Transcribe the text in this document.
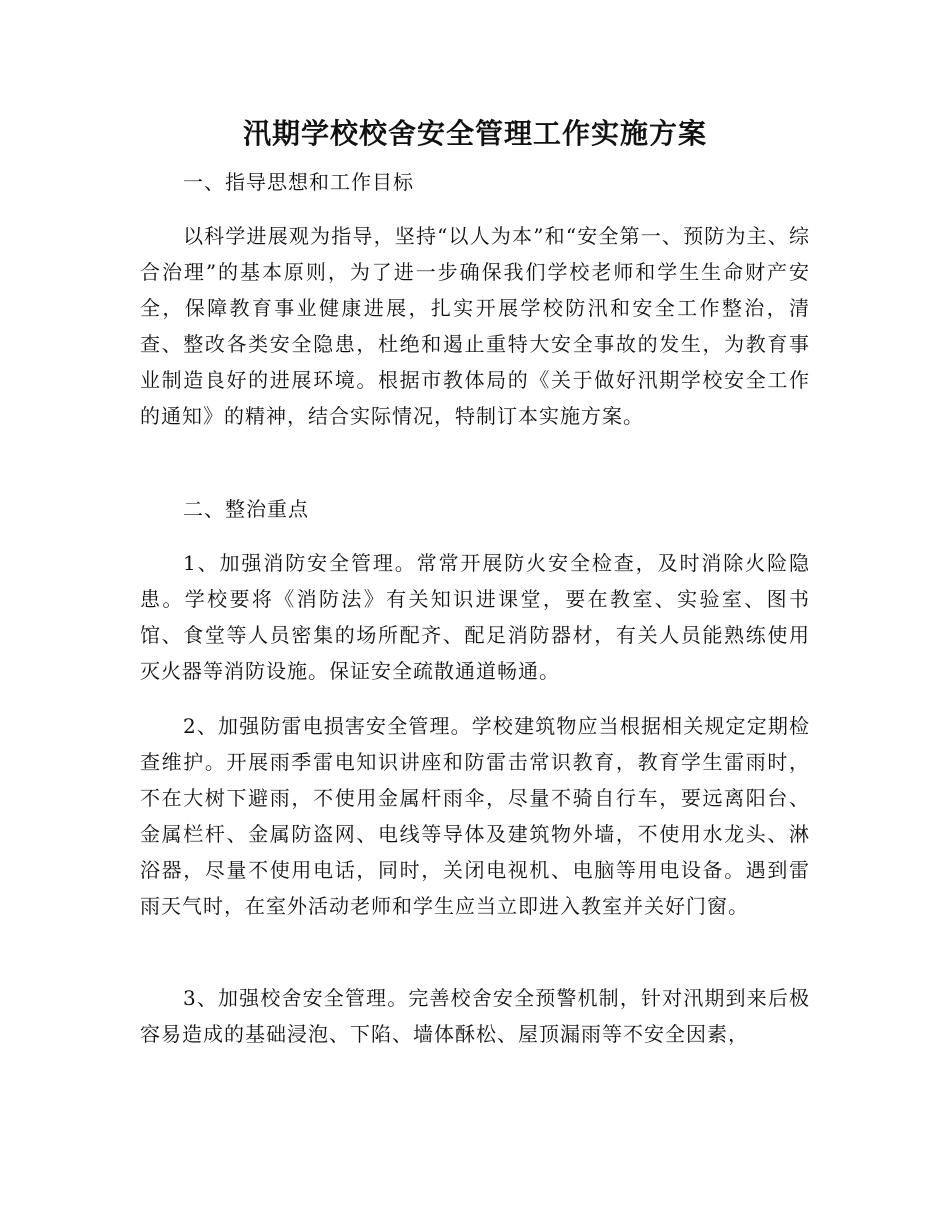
汛期学校校舍安全管理工作实施方案
一、指导思想和工作目标
以科学进展观为指导，坚持“以人为本”和“安全第一、预防为主、综合治理”的基本原则，为了进一步确保我们学校老师和学生生命财产安全，保障教育事业健康进展，扎实开展学校防汛和安全工作整治，清查、整改各类安全隐患，杜绝和遏止重特大安全事故的发生，为教育事业制造良好的进展环境。根据市教体局的《关于做好汛期学校安全工作的通知》的精神，结合实际情况，特制订本实施方案。
二、整治重点
1、加强消防安全管理。常常开展防火安全检查，及时消除火险隐患。学校要将《消防法》有关知识进课堂，要在教室、实验室、图书馆、食堂等人员密集的场所配齐、配足消防器材，有关人员能熟练使用灭火器等消防设施。保证安全疏散通道畅通。
2、加强防雷电损害安全管理。学校建筑物应当根据相关规定定期检查维护。开展雨季雷电知识讲座和防雷击常识教育，教育学生雷雨时，不在大树下避雨，不使用金属杆雨伞，尽量不骑自行车，要远离阳台、金属栏杆、金属防盗网、电线等导体及建筑物外墙，不使用水龙头、淋浴器，尽量不使用电话，同时，关闭电视机、电脑等用电设备。遇到雷雨天气时，在室外活动老师和学生应当立即进入教室并关好门窗。
3、加强校舍安全管理。完善校舍安全预警机制，针对汛期到来后极容易造成的基础浸泡、下陷、墙体酥松、屋顶漏雨等不安全因素，
